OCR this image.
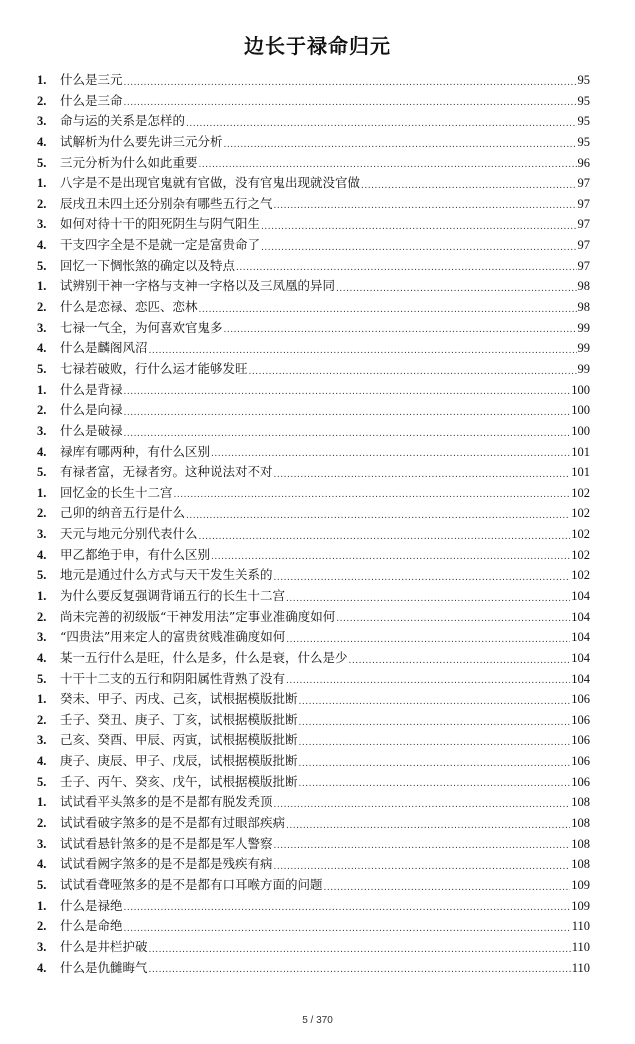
边长于禄命归元
1.	什么是三元 .....	95
2.	什么是三命 .....	95
3.	命与运的关系是怎样的 .....	95
4.	试解析为什么要先讲三元分析 .....	95
5.	三元分析为什么如此重要 .....	96
1.	八字是不是出现官鬼就有官做，没有官鬼出现就没官做 .....	97
2.	辰戌丑未四土还分别杂有哪些五行之气 .....	97
3.	如何对待十干的阳死阴生与阴气阳生 .....	97
4.	干支四字全是不是就一定是富贵命了 .....	97
5.	回忆一下惆怅煞的确定以及特点 .....	97
1.	试辨别干神一字格与支神一字格以及三凤凰的异同 .....	98
2.	什么是恋禄、恋匹、恋林 .....	98
3.	七禄一气全，为何喜欢官鬼多 .....	99
4.	什么是麟阁风沼 .....	99
5.	七禄若破败，行什么运才能够发旺 .....	99
1.	什么是背禄 .....	100
2.	什么是向禄 .....	100
3.	什么是破禄 .....	100
4.	禄库有哪两种，有什么区别 .....	101
5.	有禄者富，无禄者穷。这种说法对不对 .....	101
1.	回忆金的长生十二宫 .....	102
2.	己卯的纳音五行是什么 .....	102
3.	天元与地元分别代表什么 .....	102
4.	甲乙都绝于申，有什么区别 .....	102
5.	地元是通过什么方式与天干发生关系的 .....	102
1.	为什么要反复强调背诵五行的长生十二宫 .....	104
2.	尚未完善的初级版“干神发用法”定事业准确度如何 .....	104
3.	“四贵法”用来定人的富贵贫贱准确度如何 .....	104
4.	某一五行什么是旺，什么是多，什么是衰，什么是少 .....	104
5.	十干十二支的五行和阴阳属性背熟了没有 .....	104
1.	癸未、甲子、丙戌、己亥，试根据模版批断 .....	106
2.	壬子、癸丑、庚子、丁亥，试根据模版批断 .....	106
3.	己亥、癸酉、甲辰、丙寅，试根据模版批断 .....	106
4.	庚子、庚辰、甲子、戊辰，试根据模版批断 .....	106
5.	壬子、丙午、癸亥、戊午，试根据模版批断 .....	106
1.	试试看平头煞多的是不是都有脱发秃顶 .....	108
2.	试试看破字煞多的是不是都有过眼部疾病 .....	108
3.	试试看悬针煞多的是不是都是军人警察 .....	108
4.	试试看阙字煞多的是不是都是残疾有病 .....	108
5.	试试看聋哑煞多的是不是都有口耳喉方面的问题 .....	109
1.	什么是禄绝 .....	109
2.	什么是命绝 .....	110
3.	什么是井栏护破 .....	110
4.	什么是仇雠晦气 .....	110
5 / 370
